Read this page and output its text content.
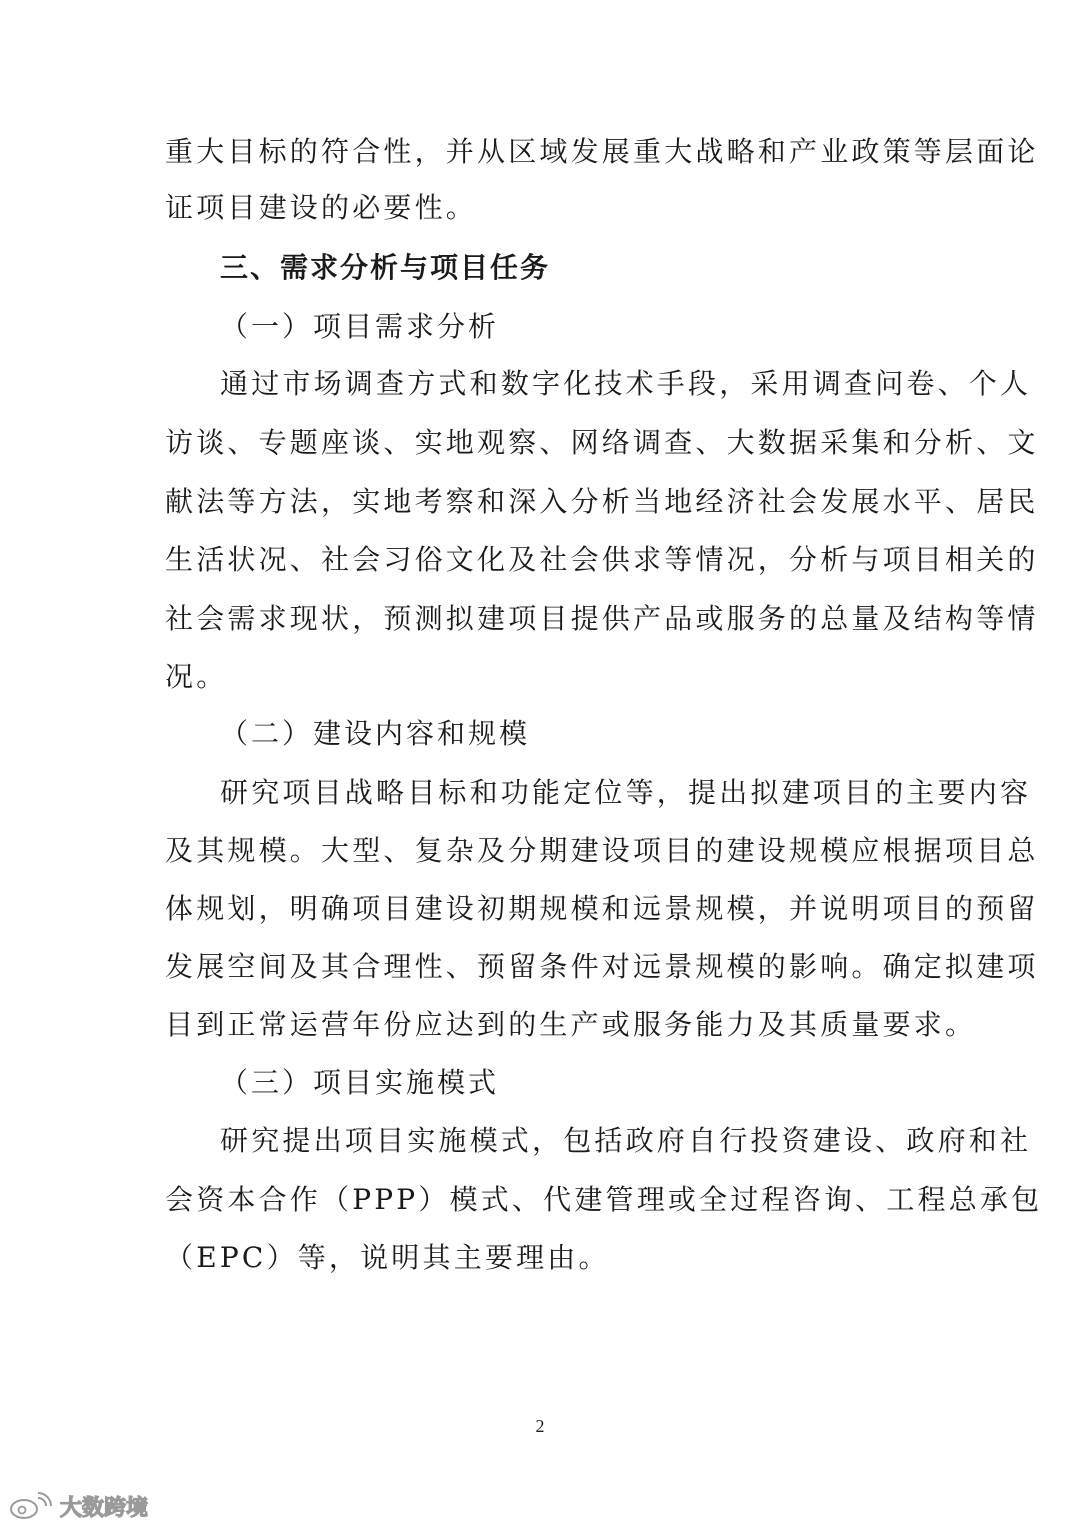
重大目标的符合性，并从区域发展重大战略和产业政策等层面论
证项目建设的必要性。
三、需求分析与项目任务
（一）项目需求分析
通过市场调查方式和数字化技术手段，采用调查问卷、个人
访谈、专题座谈、实地观察、网络调查、大数据采集和分析、文
献法等方法，实地考察和深入分析当地经济社会发展水平、居民
生活状况、社会习俗文化及社会供求等情况，分析与项目相关的
社会需求现状，预测拟建项目提供产品或服务的总量及结构等情
况。
（二）建设内容和规模
研究项目战略目标和功能定位等，提出拟建项目的主要内容
及其规模。大型、复杂及分期建设项目的建设规模应根据项目总
体规划，明确项目建设初期规模和远景规模，并说明项目的预留
发展空间及其合理性、预留条件对远景规模的影响。确定拟建项
目到正常运营年份应达到的生产或服务能力及其质量要求。
（三）项目实施模式
研究提出项目实施模式，包括政府自行投资建设、政府和社
会资本合作（PPP）模式、代建管理或全过程咨询、工程总承包
（EPC）等，说明其主要理由。
2
大数跨境
